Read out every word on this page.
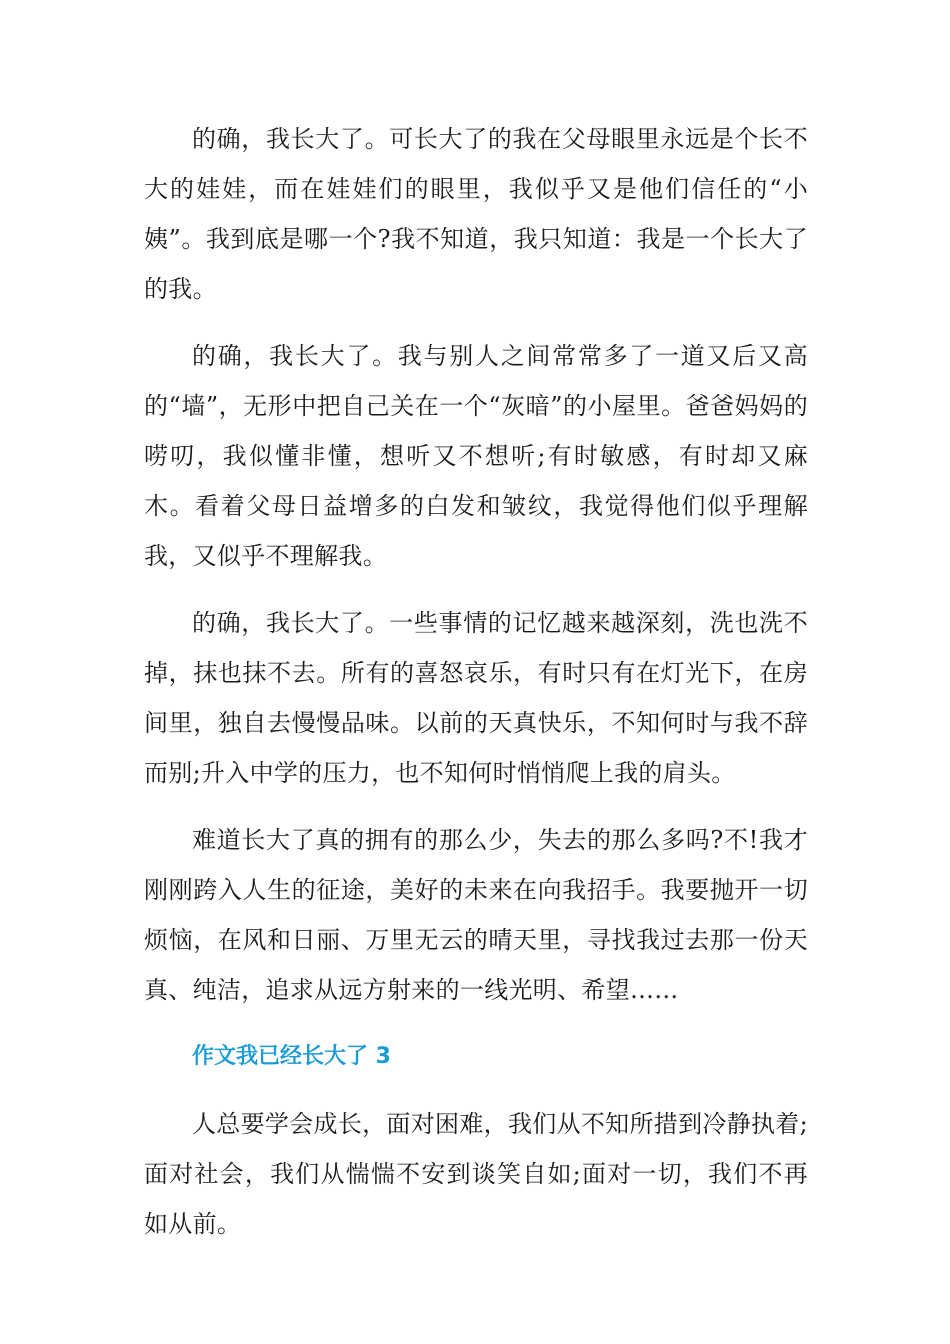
的确，我长大了。可长大了的我在父母眼里永远是个长不大的娃娃，而在娃娃们的眼里，我似乎又是他们信任的“小姨”。我到底是哪一个?我不知道，我只知道：我是一个长大了的我。

的确，我长大了。我与别人之间常常多了一道又后又高的“墙”，无形中把自己关在一个“灰暗”的小屋里。爸爸妈妈的唠叨，我似懂非懂，想听又不想听;有时敏感，有时却又麻木。看着父母日益增多的白发和皱纹，我觉得他们似乎理解我，又似乎不理解我。

的确，我长大了。一些事情的记忆越来越深刻，洗也洗不掉，抹也抹不去。所有的喜怒哀乐，有时只有在灯光下，在房间里，独自去慢慢品味。以前的天真快乐，不知何时与我不辞而别;升入中学的压力，也不知何时悄悄爬上我的肩头。

难道长大了真的拥有的那么少，失去的那么多吗?不!我才刚刚跨入人生的征途，美好的未来在向我招手。我要抛开一切烦恼，在风和日丽、万里无云的晴天里，寻找我过去那一份天真、纯洁，追求从远方射来的一线光明、希望……

作文我已经长大了 3

人总要学会成长，面对困难，我们从不知所措到冷静执着;面对社会，我们从惴惴不安到谈笑自如;面对一切，我们不再如从前。
